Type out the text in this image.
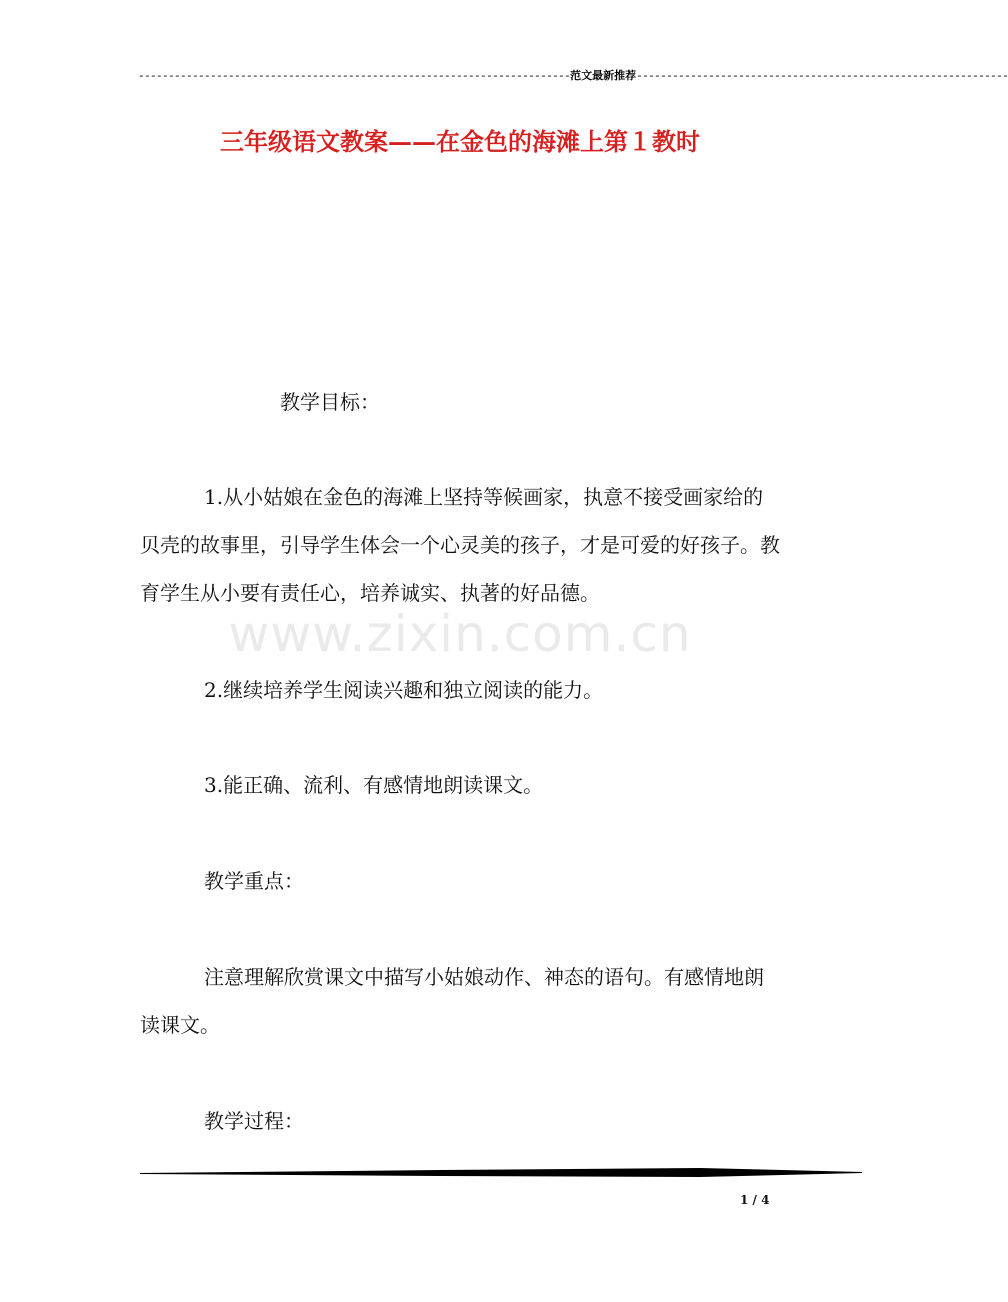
------------------------------------------------------------------------范文最新推荐--------------------------------------------------------------
三年级语文教案——在金色的海滩上第１教时
www.zixin.com.cn

教学目标：

1.从小姑娘在金色的海滩上坚持等候画家，执意不接受画家给的贝壳的故事里，引导学生体会一个心灵美的孩子，才是可爱的好孩子。教育学生从小要有责任心，培养诚实、执著的好品德。

2.继续培养学生阅读兴趣和独立阅读的能力。

3.能正确、流利、有感情地朗读课文。

教学重点：

注意理解欣赏课文中描写小姑娘动作、神态的语句。有感情地朗读课文。

教学过程：

1 / 4
